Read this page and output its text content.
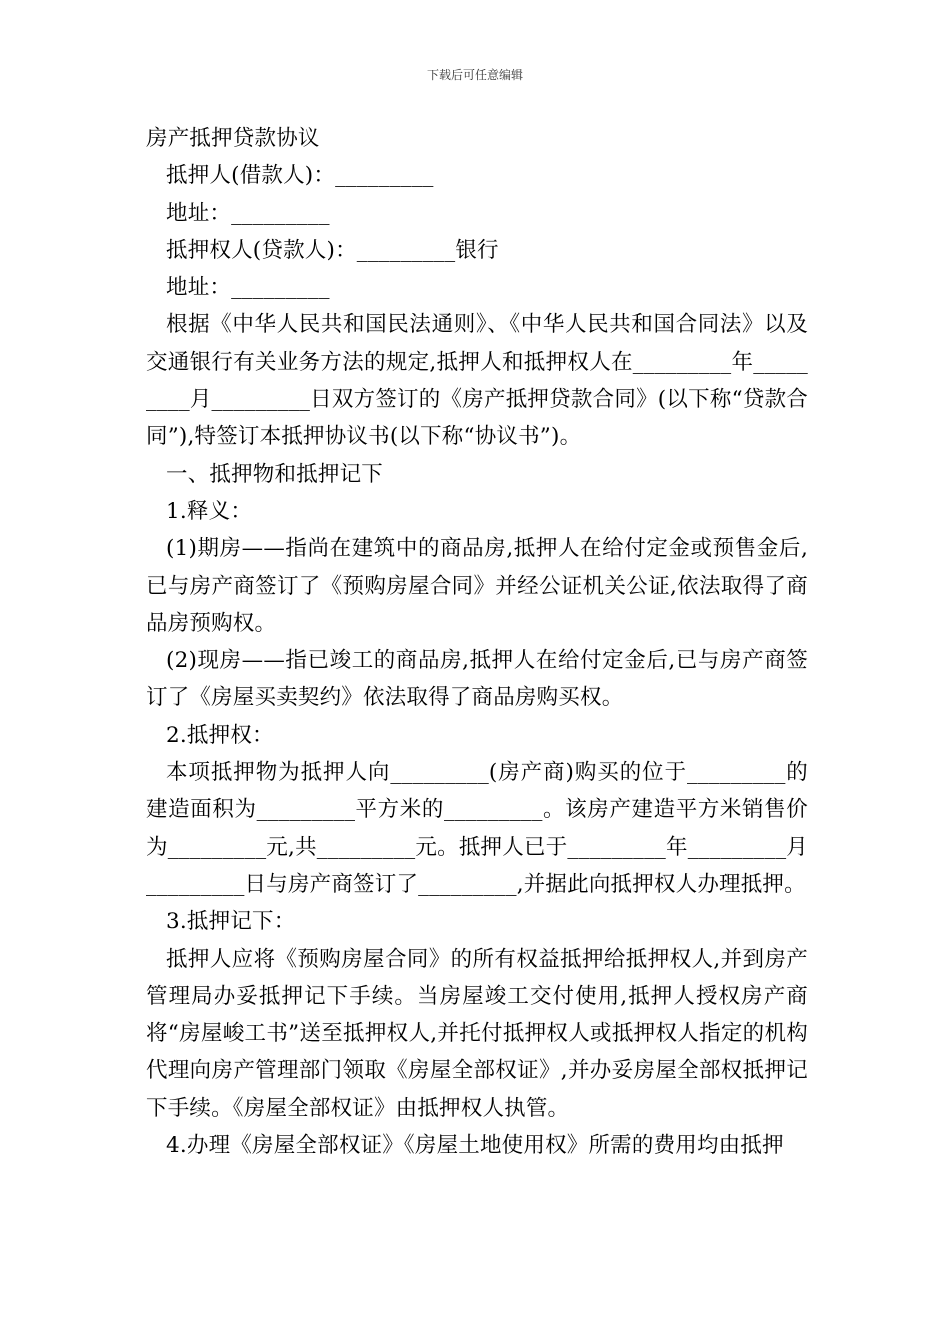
下载后可任意编辑

房产抵押贷款协议

抵押人(借款人)：_________

地址：_________

抵押权人(贷款人)：_________银行

地址：_________

根据《中华人民共和国民法通则》、《中华人民共和国合同法》以及交通银行有关业务方法的规定,抵押人和抵押权人在_________年_________月_________日双方签订的《房产抵押贷款合同》(以下称“贷款合同”),特签订本抵押协议书(以下称“协议书”)。

一、抵押物和抵押记下

1.释义：

(1)期房——指尚在建筑中的商品房,抵押人在给付定金或预售金后,已与房产商签订了《预购房屋合同》并经公证机关公证,依法取得了商品房预购权。

(2)现房——指已竣工的商品房,抵押人在给付定金后,已与房产商签订了《房屋买卖契约》依法取得了商品房购买权。

2.抵押权：

本项抵押物为抵押人向_________(房产商)购买的位于_________的建造面积为_________平方米的_________。该房产建造平方米销售价为_________元,共_________元。抵押人已于_________年_________月_________日与房产商签订了_________,并据此向抵押权人办理抵押。

3.抵押记下：

抵押人应将《预购房屋合同》的所有权益抵押给抵押权人,并到房产管理局办妥抵押记下手续。当房屋竣工交付使用,抵押人授权房产商将“房屋峻工书”送至抵押权人,并托付抵押权人或抵押权人指定的机构代理向房产管理部门领取《房屋全部权证》,并办妥房屋全部权抵押记下手续。《房屋全部权证》由抵押权人执管。

4.办理《房屋全部权证》《房屋土地使用权》所需的费用均由抵押
